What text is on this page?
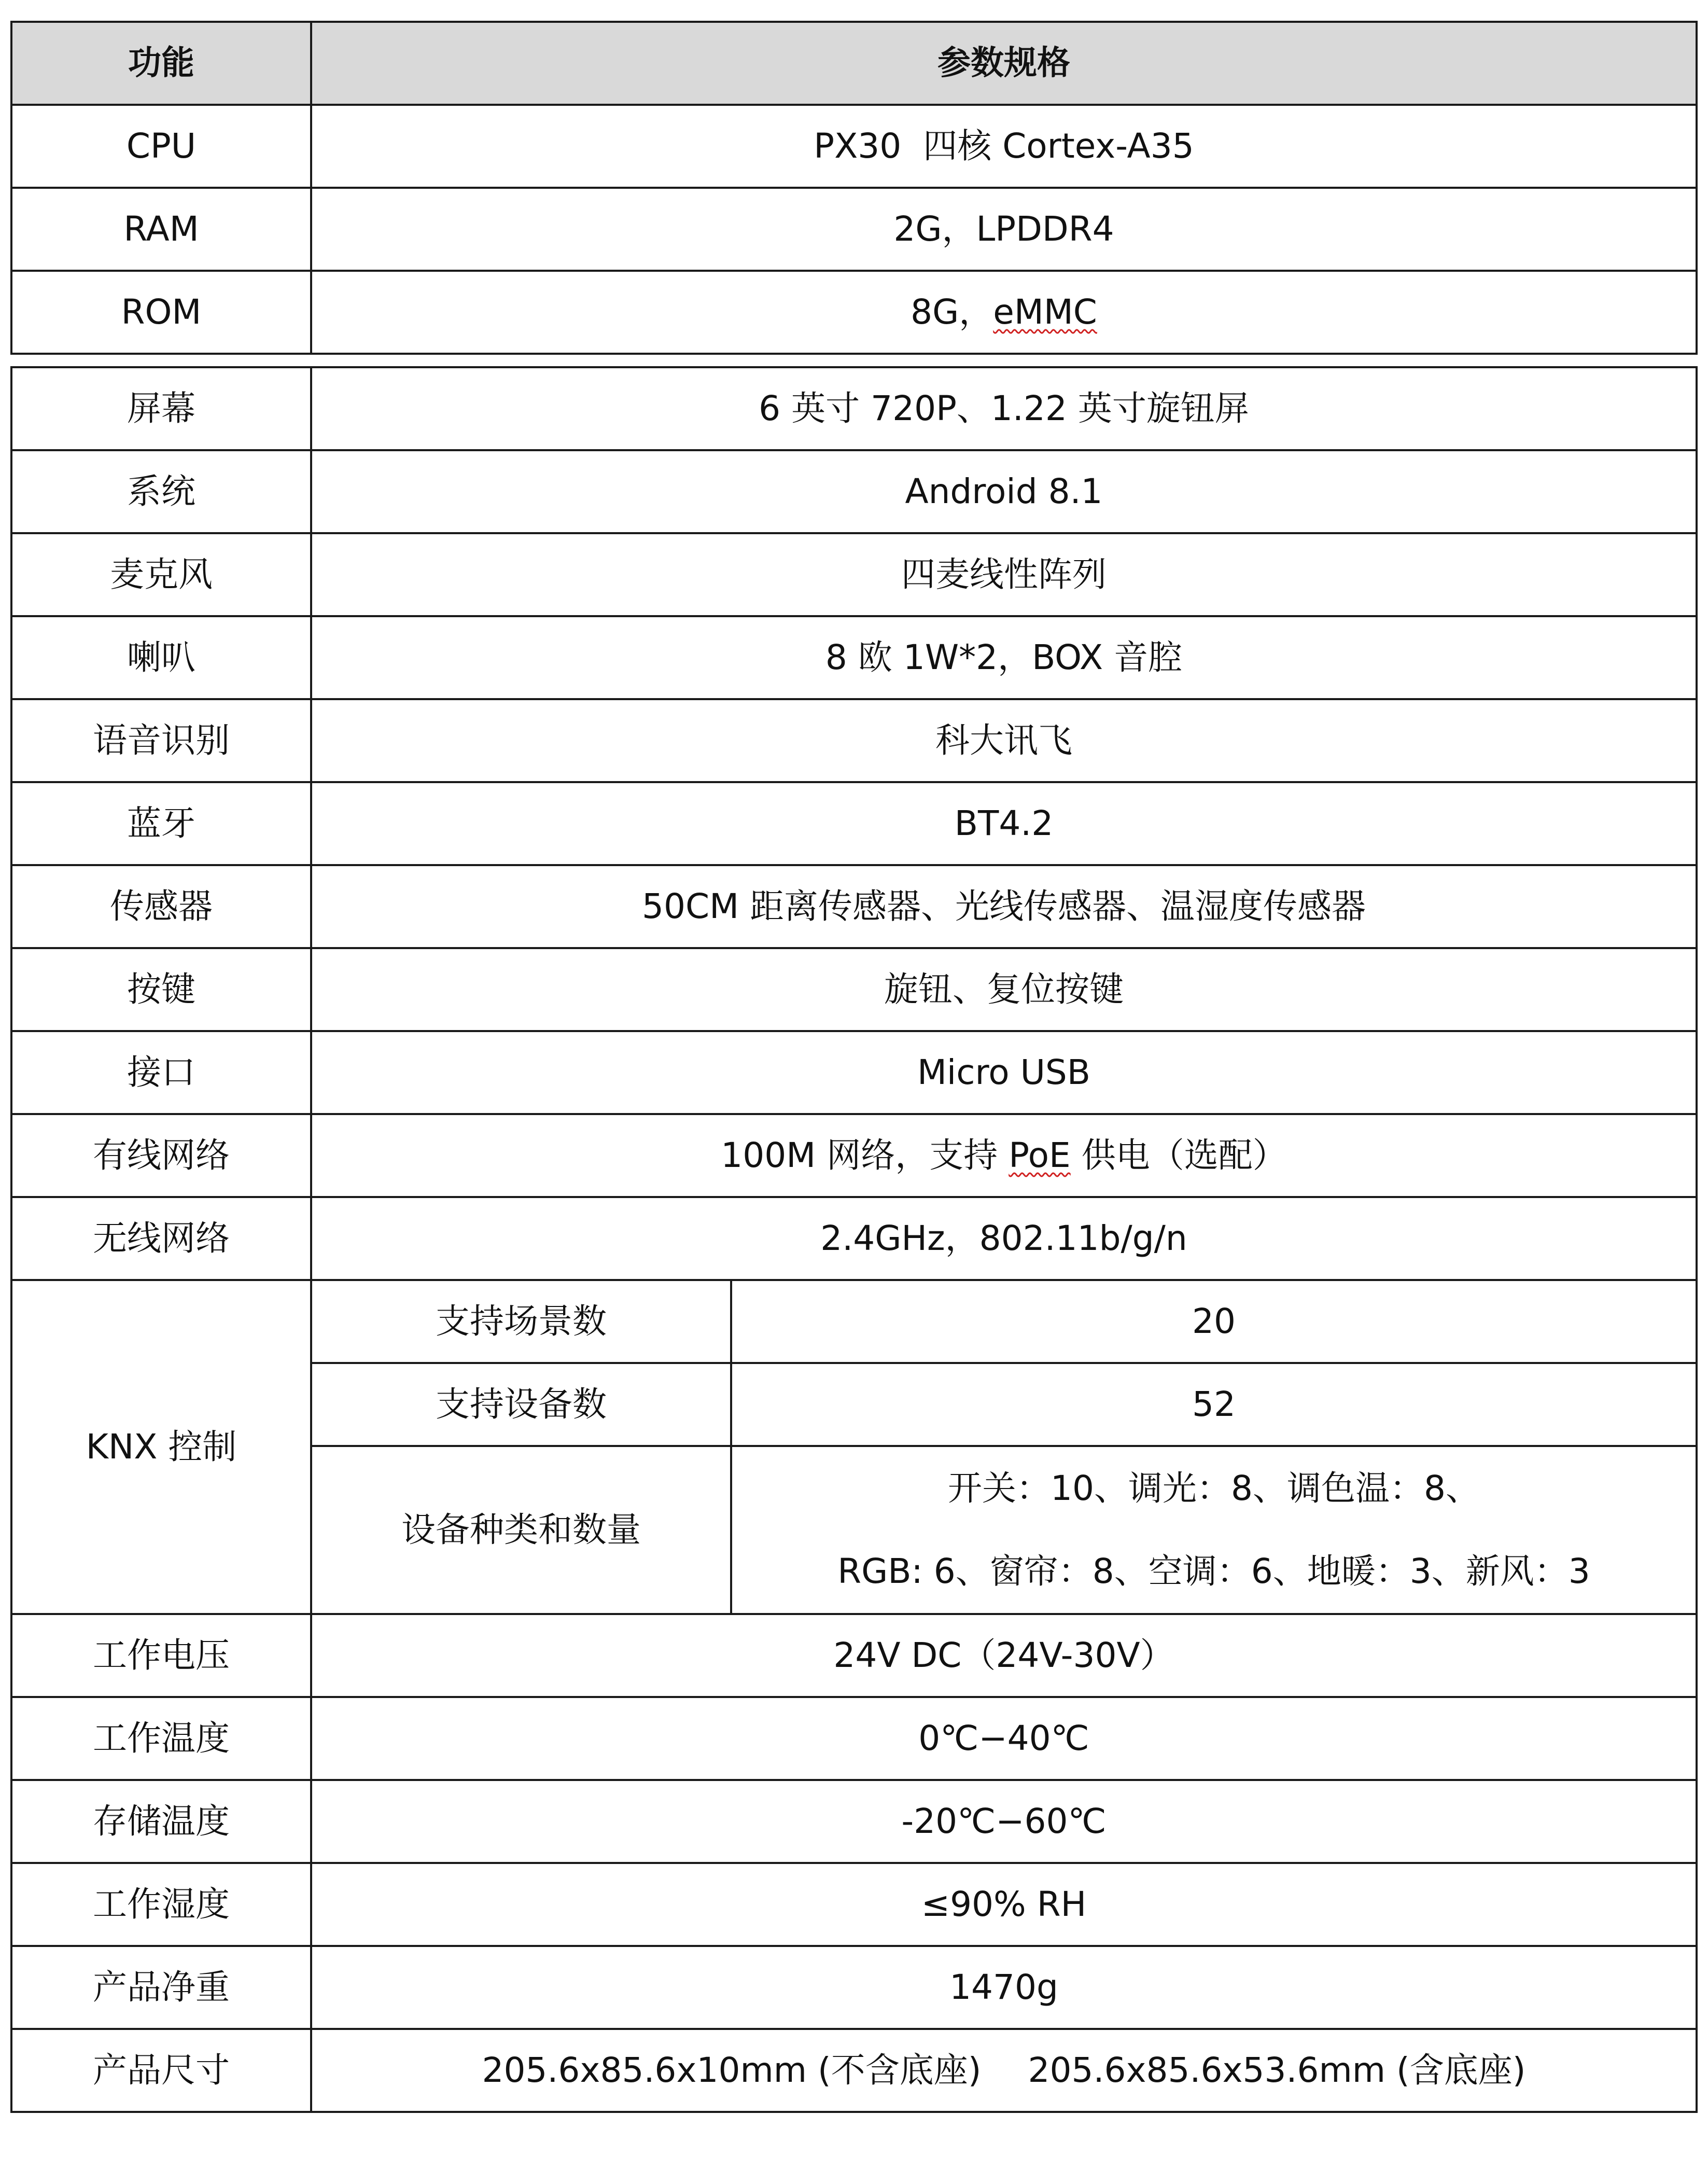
功能	参数规格	
CPU	PX30  四核 Cortex-A35	
RAM	2G，LPDDR4	
ROM	8G，eMMC	

屏幕	6 英寸 720P、1.22 英寸旋钮屏	
系统	Android 8.1	
麦克风	四麦线性阵列	
喇叭	8 欧 1W*2，BOX 音腔	
语音识别	科大讯飞	
蓝牙	BT4.2	
传感器	50CM 距离传感器、光线传感器、温湿度传感器	
按键	旋钮、复位按键	
接口	Micro USB	
有线网络	100M 网络，支持 PoE 供电（选配）	
无线网络	2.4GHz，802.11b/g/n	
KNX 控制	支持场景数	20
	支持设备数	52
	设备种类和数量	开关：10、调光：8、调色温：8、
RGB: 6、窗帘：8、空调：6、地暖：3、新风：3

工作电压	24V DC（24V-30V）	
工作温度	0℃−40℃	
存储温度	-20℃−60℃	
工作湿度	≤90% RH	
产品净重	1470g	
产品尺寸	205.6x85.6x10mm (不含底座) 205.6x85.6x53.6mm (含底座)	
